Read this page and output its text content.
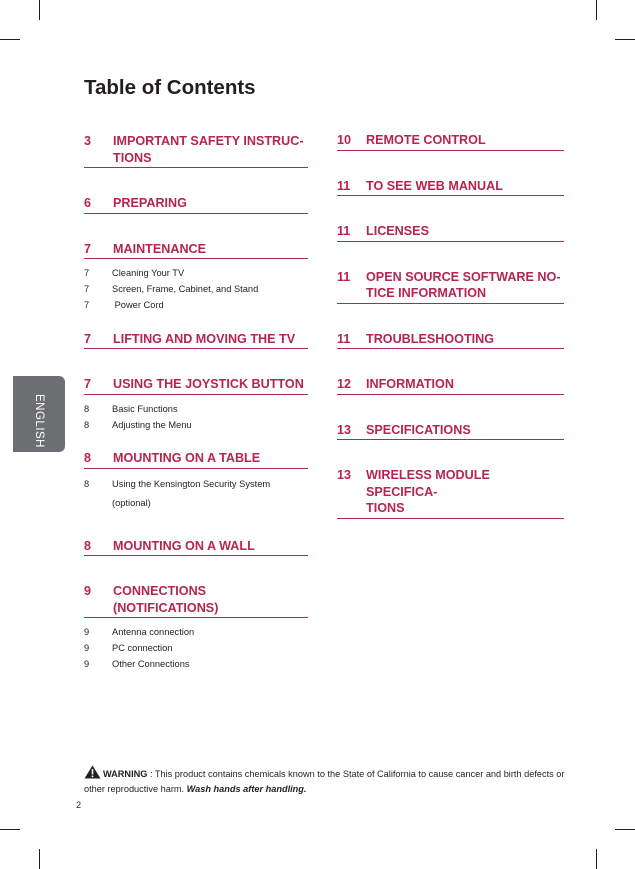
Table of Contents
ENGLISH
3	IMPORTANT SAFETY INSTRUC-
TIONS
6	PREPARING
7	MAINTENANCE
7	Cleaning Your TV
7	Screen, Frame, Cabinet, and Stand
7	Power Cord
7	LIFTING AND MOVING THE TV
7	USING THE JOYSTICK BUTTON
8	Basic Functions
8	Adjusting the Menu
8	MOUNTING ON A TABLE
8	Using the Kensington Security System
(optional)
8	MOUNTING ON A WALL
9	CONNECTIONS (NOTIFICATIONS)
9	Antenna connection
9	PC connection
9	Other Connections
10	REMOTE CONTROL
11	TO SEE WEB MANUAL
11	LICENSES
11	OPEN SOURCE SOFTWARE NO-
TICE INFORMATION
11	TROUBLESHOOTING
12	INFORMATION
13	SPECIFICATIONS
13	WIRELESS MODULE SPECIFICA-
TIONS
WARNING : This product contains chemicals known to the State of California to cause cancer and birth defects or other reproductive harm. Wash hands after handling.
2
